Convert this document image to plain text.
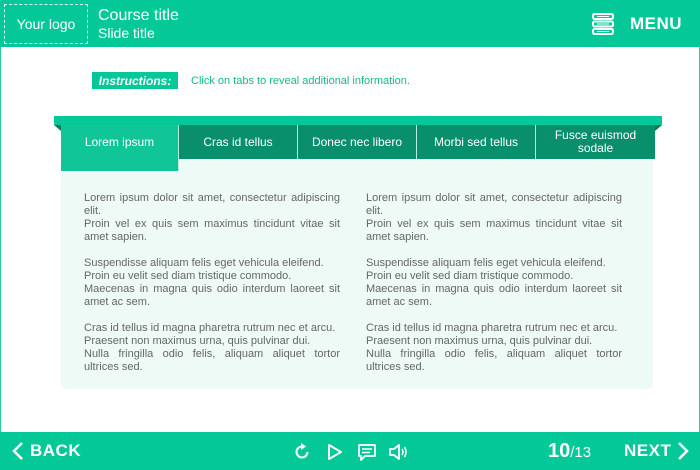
Your logo	Course title
Slide title	MENU
Instructions:	Click on tabs to reveal additional information.

Lorem ipsum dolor sit amet, consectetur adipiscing elit.
Proin vel ex quis sem maximus tincidunt vitae sit amet sapien.

Suspendisse aliquam felis eget vehicula eleifend.
Proin eu velit sed diam tristique commodo.
Maecenas in magna quis odio interdum laoreet sit amet ac sem.

Cras id tellus id magna pharetra rutrum nec et arcu.
Praesent non maximus urna, quis pulvinar dui.
Nulla fringilla odio felis, aliquam aliquet tortor ultrices sed.

Lorem ipsum dolor sit amet, consectetur adipiscing elit.
Proin vel ex quis sem maximus tincidunt vitae sit amet sapien.

Suspendisse aliquam felis eget vehicula eleifend.
Proin eu velit sed diam tristique commodo.
Maecenas in magna quis odio interdum laoreet sit amet ac sem.

Cras id tellus id magna pharetra rutrum nec et arcu.
Praesent non maximus urna, quis pulvinar dui.
Nulla fringilla odio felis, aliquam aliquet tortor ultrices sed.

Lorem ipsum	Cras id tellus	Donec nec libero	Morbi sed tellus	Fusce euismod sodale
BACK	10/13 NEXT
